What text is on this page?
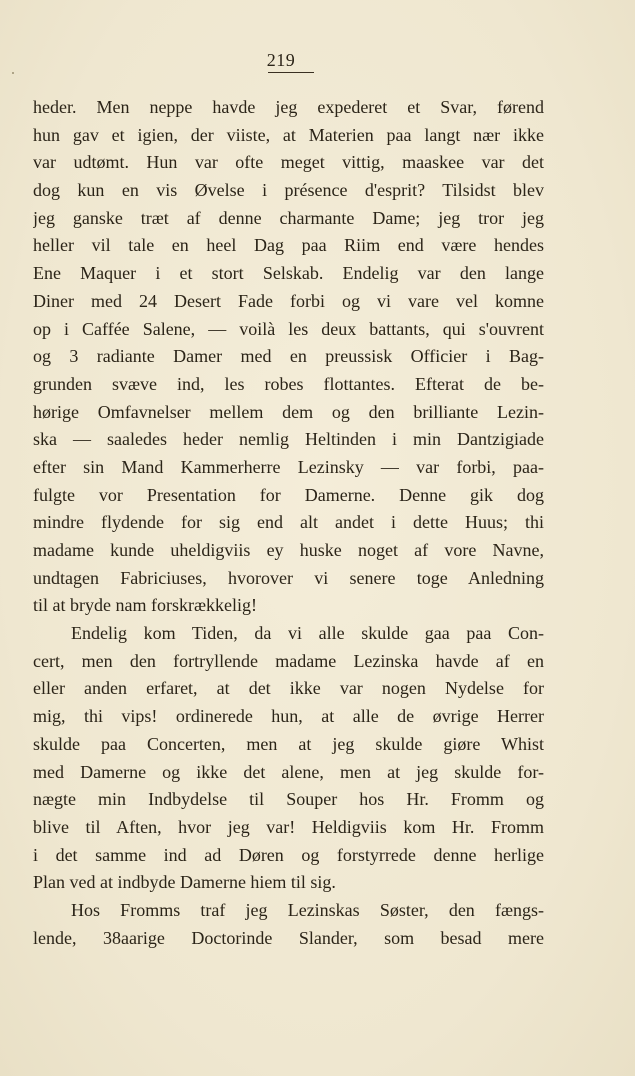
219
heder. Men neppe havde jeg expederet et Svar, førend
hun gav et igien, der viiste, at Materien paa langt nær ikke
var udtømt. Hun var ofte meget vittig, maaskee var det
dog kun en vis Øvelse i présence d'esprit? Tilsidst blev
jeg ganske træt af denne charmante Dame; jeg tror jeg
heller vil tale en heel Dag paa Riim end være hendes
Ene Maquer i et stort Selskab. Endelig var den lange
Diner med 24 Desert Fade forbi og vi vare vel komne
op i Cafféе Salene, — voilà les deux battants, qui s'ouvrent
og 3 radiante Damer med en preussisk Officier i Bag-
grunden svæve ind, les robes flottantes. Efterat de be-
hørige Omfavnelser mellem dem og den brilliante Lezin-
ska — saaledes heder nemlig Heltinden i min Dantzigiade
efter sin Mand Kammerherre Lezinsky — var forbi, paa-
fulgte vor Presentation for Damerne. Denne gik dog
mindre flydende for sig end alt andet i dette Huus; thi
madame kunde uheldigviis ey huske noget af vore Navne,
undtagen Fabriciuses, hvorover vi senere toge Anledning
til at bryde nam forskrækkelig!
Endelig kom Tiden, da vi alle skulde gaa paa Con-
cert, men den fortryllende madame Lezinska havde af en
eller anden erfaret, at det ikke var nogen Nydelse for
mig, thi vips! ordinerede hun, at alle de øvrige Herrer
skulde paa Concerten, men at jeg skulde giøre Whist
med Damerne og ikke det alene, men at jeg skulde for-
nægte min Indbydelse til Souper hos Hr. Fromm og
blive til Aften, hvor jeg var! Heldigviis kom Hr. Fromm
i det samme ind ad Døren og forstyrrede denne herlige
Plan ved at indbyde Damerne hiem til sig.
Hos Fromms traf jeg Lezinskas Søster, den fængs-
lende, 38aarige Doctorinde Slander, som besad mere
